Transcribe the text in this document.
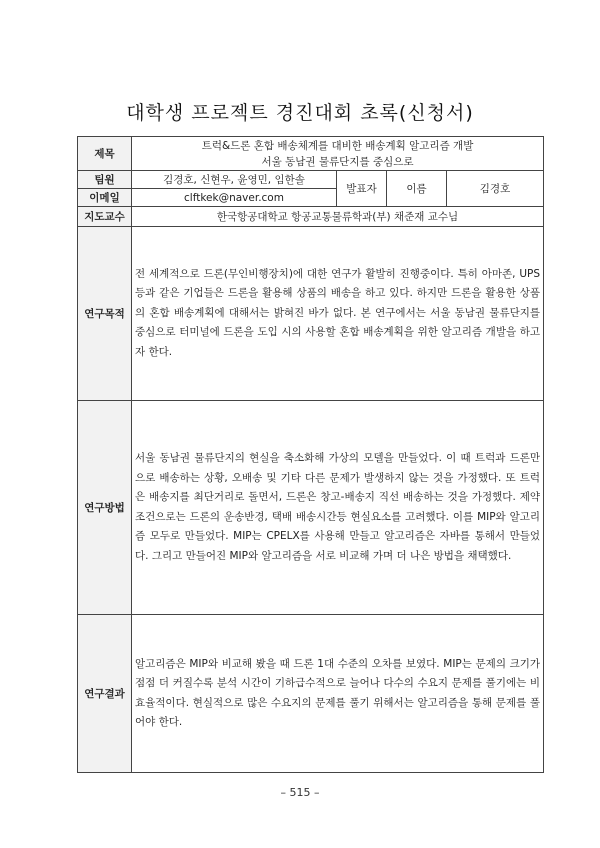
대학생 프로젝트 경진대회 초록(신청서)
제목	트럭&드론 혼합 배송체계를 대비한 배송계획 알고리즘 개발
서울 동남권 물류단지를 중심으로			

팀원	김경호, 신현우, 윤영민, 임한솔	발표자	이름	김경호
이메일	clftkek@naver.com			
지도교수	한국항공대학교 항공교통물류학과(부) 채준재 교수님			
연구목적	전 세계적으로 드론(무인비행장치)에 대한 연구가 활발히 진행중이다. 특히 아마존, UPS등과 같은 기업들은 드론을 활용해 상품의 배송을 하고 있다. 하지만 드론을 활용한 상품의 혼합 배송계획에 대해서는 밝혀진 바가 없다. 본 연구에서는 서울 동남권 물류단지를 중심으로 터미널에 드론을 도입 시의 사용할 혼합 배송계획을 위한 알고리즘 개발을 하고자 한다.			
연구방법	서울 동남권 물류단지의 현실을 축소화해 가상의 모델을 만들었다. 이 때 트럭과 드론만으로 배송하는 상황, 오배송 및 기타 다른 문제가 발생하지 않는 것을 가정했다. 또 트럭은 배송지를 최단거리로 돌면서, 드론은 창고-배송지 직선 배송하는 것을 가정했다. 제약조건으로는 드론의 운송반경, 택배 배송시간등 현실요소를 고려했다. 이를 MIP와 알고리즘 모두로 만들었다. MIP는 CPELX를 사용해 만들고 알고리즘은 자바를 통해서 만들었다. 그리고 만들어진 MIP와 알고리즘을 서로 비교해 가며 더 나은 방법을 채택했다.			
연구결과	알고리즘은 MIP와 비교해 봤을 때 드론 1대 수준의 오차를 보였다. MIP는 문제의 크기가 점점 더 커질수록 분석 시간이 기하급수적으로 늘어나 다수의 수요지 문제를 풀기에는 비효율적이다. 현실적으로 많은 수요지의 문제를 풀기 위해서는 알고리즘을 통해 문제를 풀어야 한다.			
– 515 –
